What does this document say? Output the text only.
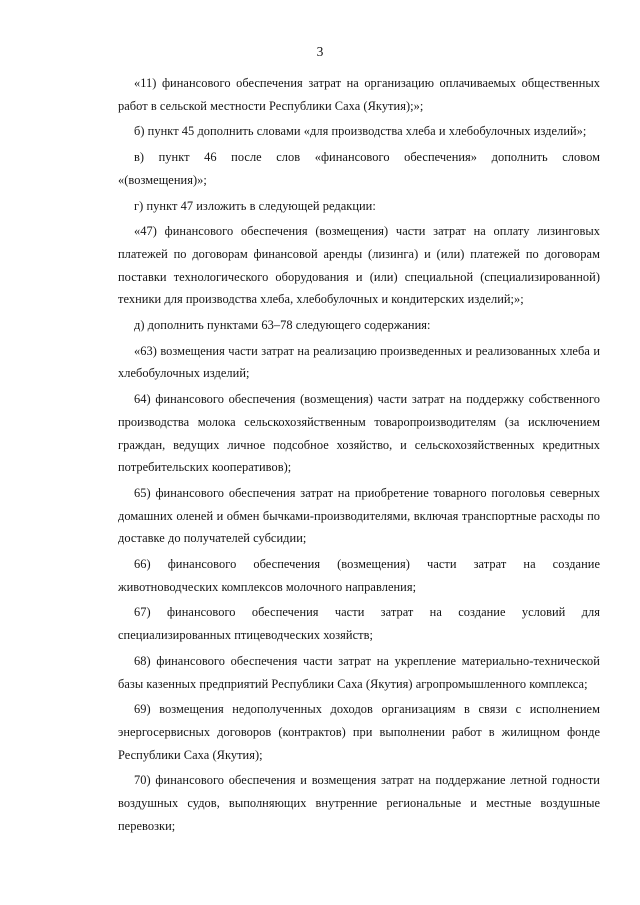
3

«11) финансового обеспечения затрат на организацию оплачиваемых общественных работ в сельской местности Республики Саха (Якутия);»;

б) пункт 45 дополнить словами «для производства хлеба и хлебобулочных изделий»;

в) пункт 46 после слов «финансового обеспечения» дополнить словом «(возмещения)»;

г) пункт 47 изложить в следующей редакции:

«47) финансового обеспечения (возмещения) части затрат на оплату лизинговых платежей по договорам финансовой аренды (лизинга) и (или) платежей по договорам поставки технологического оборудования и (или) специальной (специализированной) техники для производства хлеба, хлебобулочных и кондитерских изделий;»;

д) дополнить пунктами 63–78 следующего содержания:

«63) возмещения части затрат на реализацию произведенных и реализованных хлеба и хлебобулочных изделий;

64) финансового обеспечения (возмещения) части затрат на поддержку собственного производства молока сельскохозяйственным товаропроизводителям (за исключением граждан, ведущих личное подсобное хозяйство, и сельскохозяйственных кредитных потребительских кооперативов);

65) финансового обеспечения затрат на приобретение товарного поголовья северных домашних оленей и обмен бычками-производителями, включая транспортные расходы по доставке до получателей субсидии;

66) финансового обеспечения (возмещения) части затрат на создание животноводческих комплексов молочного направления;

67) финансового обеспечения части затрат на создание условий для специализированных птицеводческих хозяйств;

68) финансового обеспечения части затрат на укрепление материально-технической базы казенных предприятий Республики Саха (Якутия) агропромышленного комплекса;

69) возмещения недополученных доходов организациям в связи с исполнением энергосервисных договоров (контрактов) при выполнении работ в жилищном фонде Республики Саха (Якутия);

70) финансового обеспечения и возмещения затрат на поддержание летной годности воздушных судов, выполняющих внутренние региональные и местные воздушные перевозки;
